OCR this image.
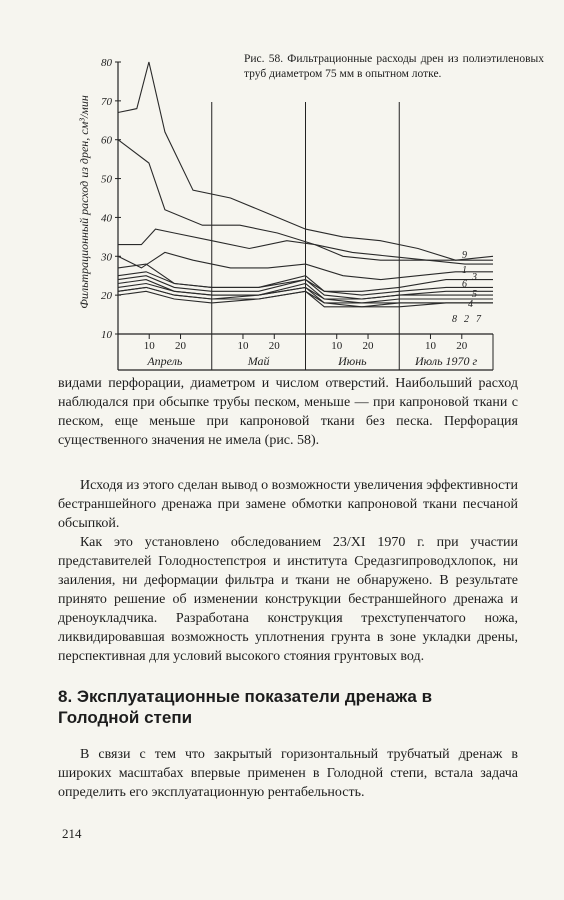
10
20
30
40
50
60
70
80
10 20	10 20	10 20	10 20
Апрель	Май	Июнь	Июль 1970 г
9
1
3
6
5
4
8 2 7
Фильтрационный расход из дрен, см³/мин
Рис. 58. Фильтрационные расходы дрен из полиэтиленовых труб диаметром 75 мм в опытном лотке.

видами перфорации, диаметром и числом отверстий. Наибольший расход наблюдался при обсыпке трубы песком, меньше — при капроновой ткани с песком, еще меньше при капроновой ткани без песка. Перфорация существенного значения не имела (рис. 58).

Исходя из этого сделан вывод о возможности увеличения эффективности бестраншейного дренажа при замене обмотки капроновой ткани песчаной обсыпкой.

Как это установлено обследованием 23/XI 1970 г. при участии представителей Голодностепстроя и института Средазгипроводхлопок, ни заиления, ни деформации фильтра и ткани не обнаружено. В результате принято решение об изменении конструкции бестраншейного дренажа и дреноукладчика. Разработана конструкция трехступенчатого ножа, ликвидировавшая возможность уплотнения грунта в зоне укладки дрены, перспективная для условий высокого стояния грунтовых вод.

8. Эксплуатационные показатели дренажа в Голодной степи

В связи с тем что закрытый горизонтальный трубчатый дренаж в широких масштабах впервые применен в Голодной степи, встала задача определить его эксплуатационную рентабельность.

214
